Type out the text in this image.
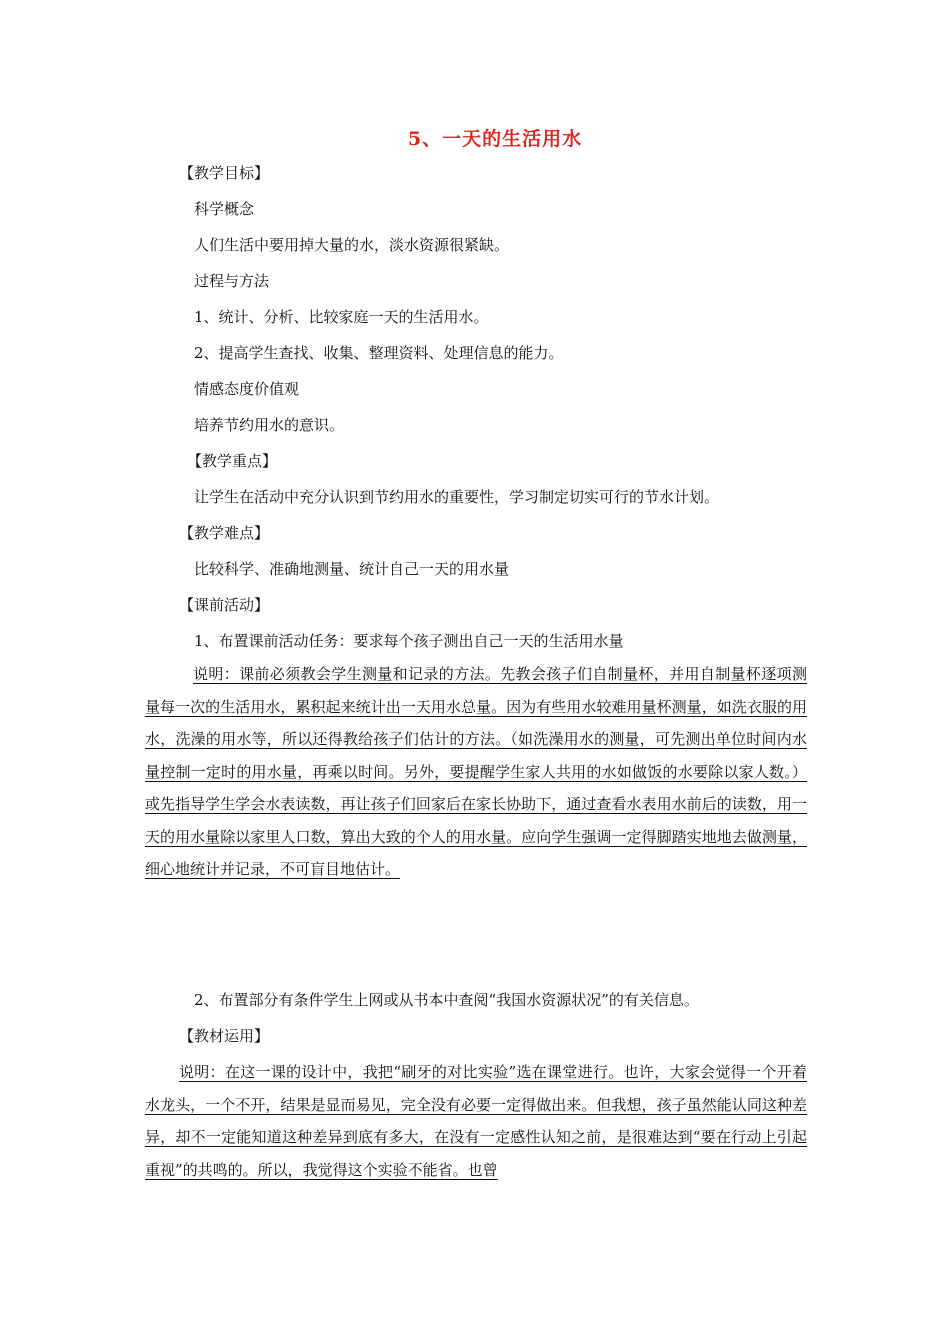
5、一天的生活用水
【教学目标】
科学概念
人们生活中要用掉大量的水，淡水资源很紧缺。
过程与方法
1、统计、分析、比较家庭一天的生活用水。
2、提高学生查找、收集、整理资料、处理信息的能力。
情感态度价值观
培养节约用水的意识。
【教学重点】
让学生在活动中充分认识到节约用水的重要性，学习制定切实可行的节水计划。
【教学难点】
比较科学、准确地测量、统计自己一天的用水量
【课前活动】
1、布置课前活动任务：要求每个孩子测出自己一天的生活用水量
说明：课前必须教会学生测量和记录的方法。先教会孩子们自制量杯，并用自制量杯逐项测量每一次的生活用水，累积起来统计出一天用水总量。因为有些用水较难用量杯测量，如洗衣服的用水，洗澡的用水等，所以还得教给孩子们估计的方法。（如洗澡用水的测量，可先测出单位时间内水量控制一定时的用水量，再乘以时间。另外，要提醒学生家人共用的水如做饭的水要除以家人数。）或先指导学生学会水表读数，再让孩子们回家后在家长协助下，通过查看水表用水前后的读数，用一天的用水量除以家里人口数，算出大致的个人的用水量。应向学生强调一定得脚踏实地地去做测量，细心地统计并记录，不可盲目地估计。
2、布置部分有条件学生上网或从书本中查阅“我国水资源状况”的有关信息。
【教材运用】
说明：在这一课的设计中，我把“刷牙的对比实验”选在课堂进行。也许，大家会觉得一个开着水龙头，一个不开，结果是显而易见，完全没有必要一定得做出来。但我想，孩子虽然能认同这种差异，却不一定能知道这种差异到底有多大，在没有一定感性认知之前，是很难达到“要在行动上引起重视”的共鸣的。所以，我觉得这个实验不能省。也曾
